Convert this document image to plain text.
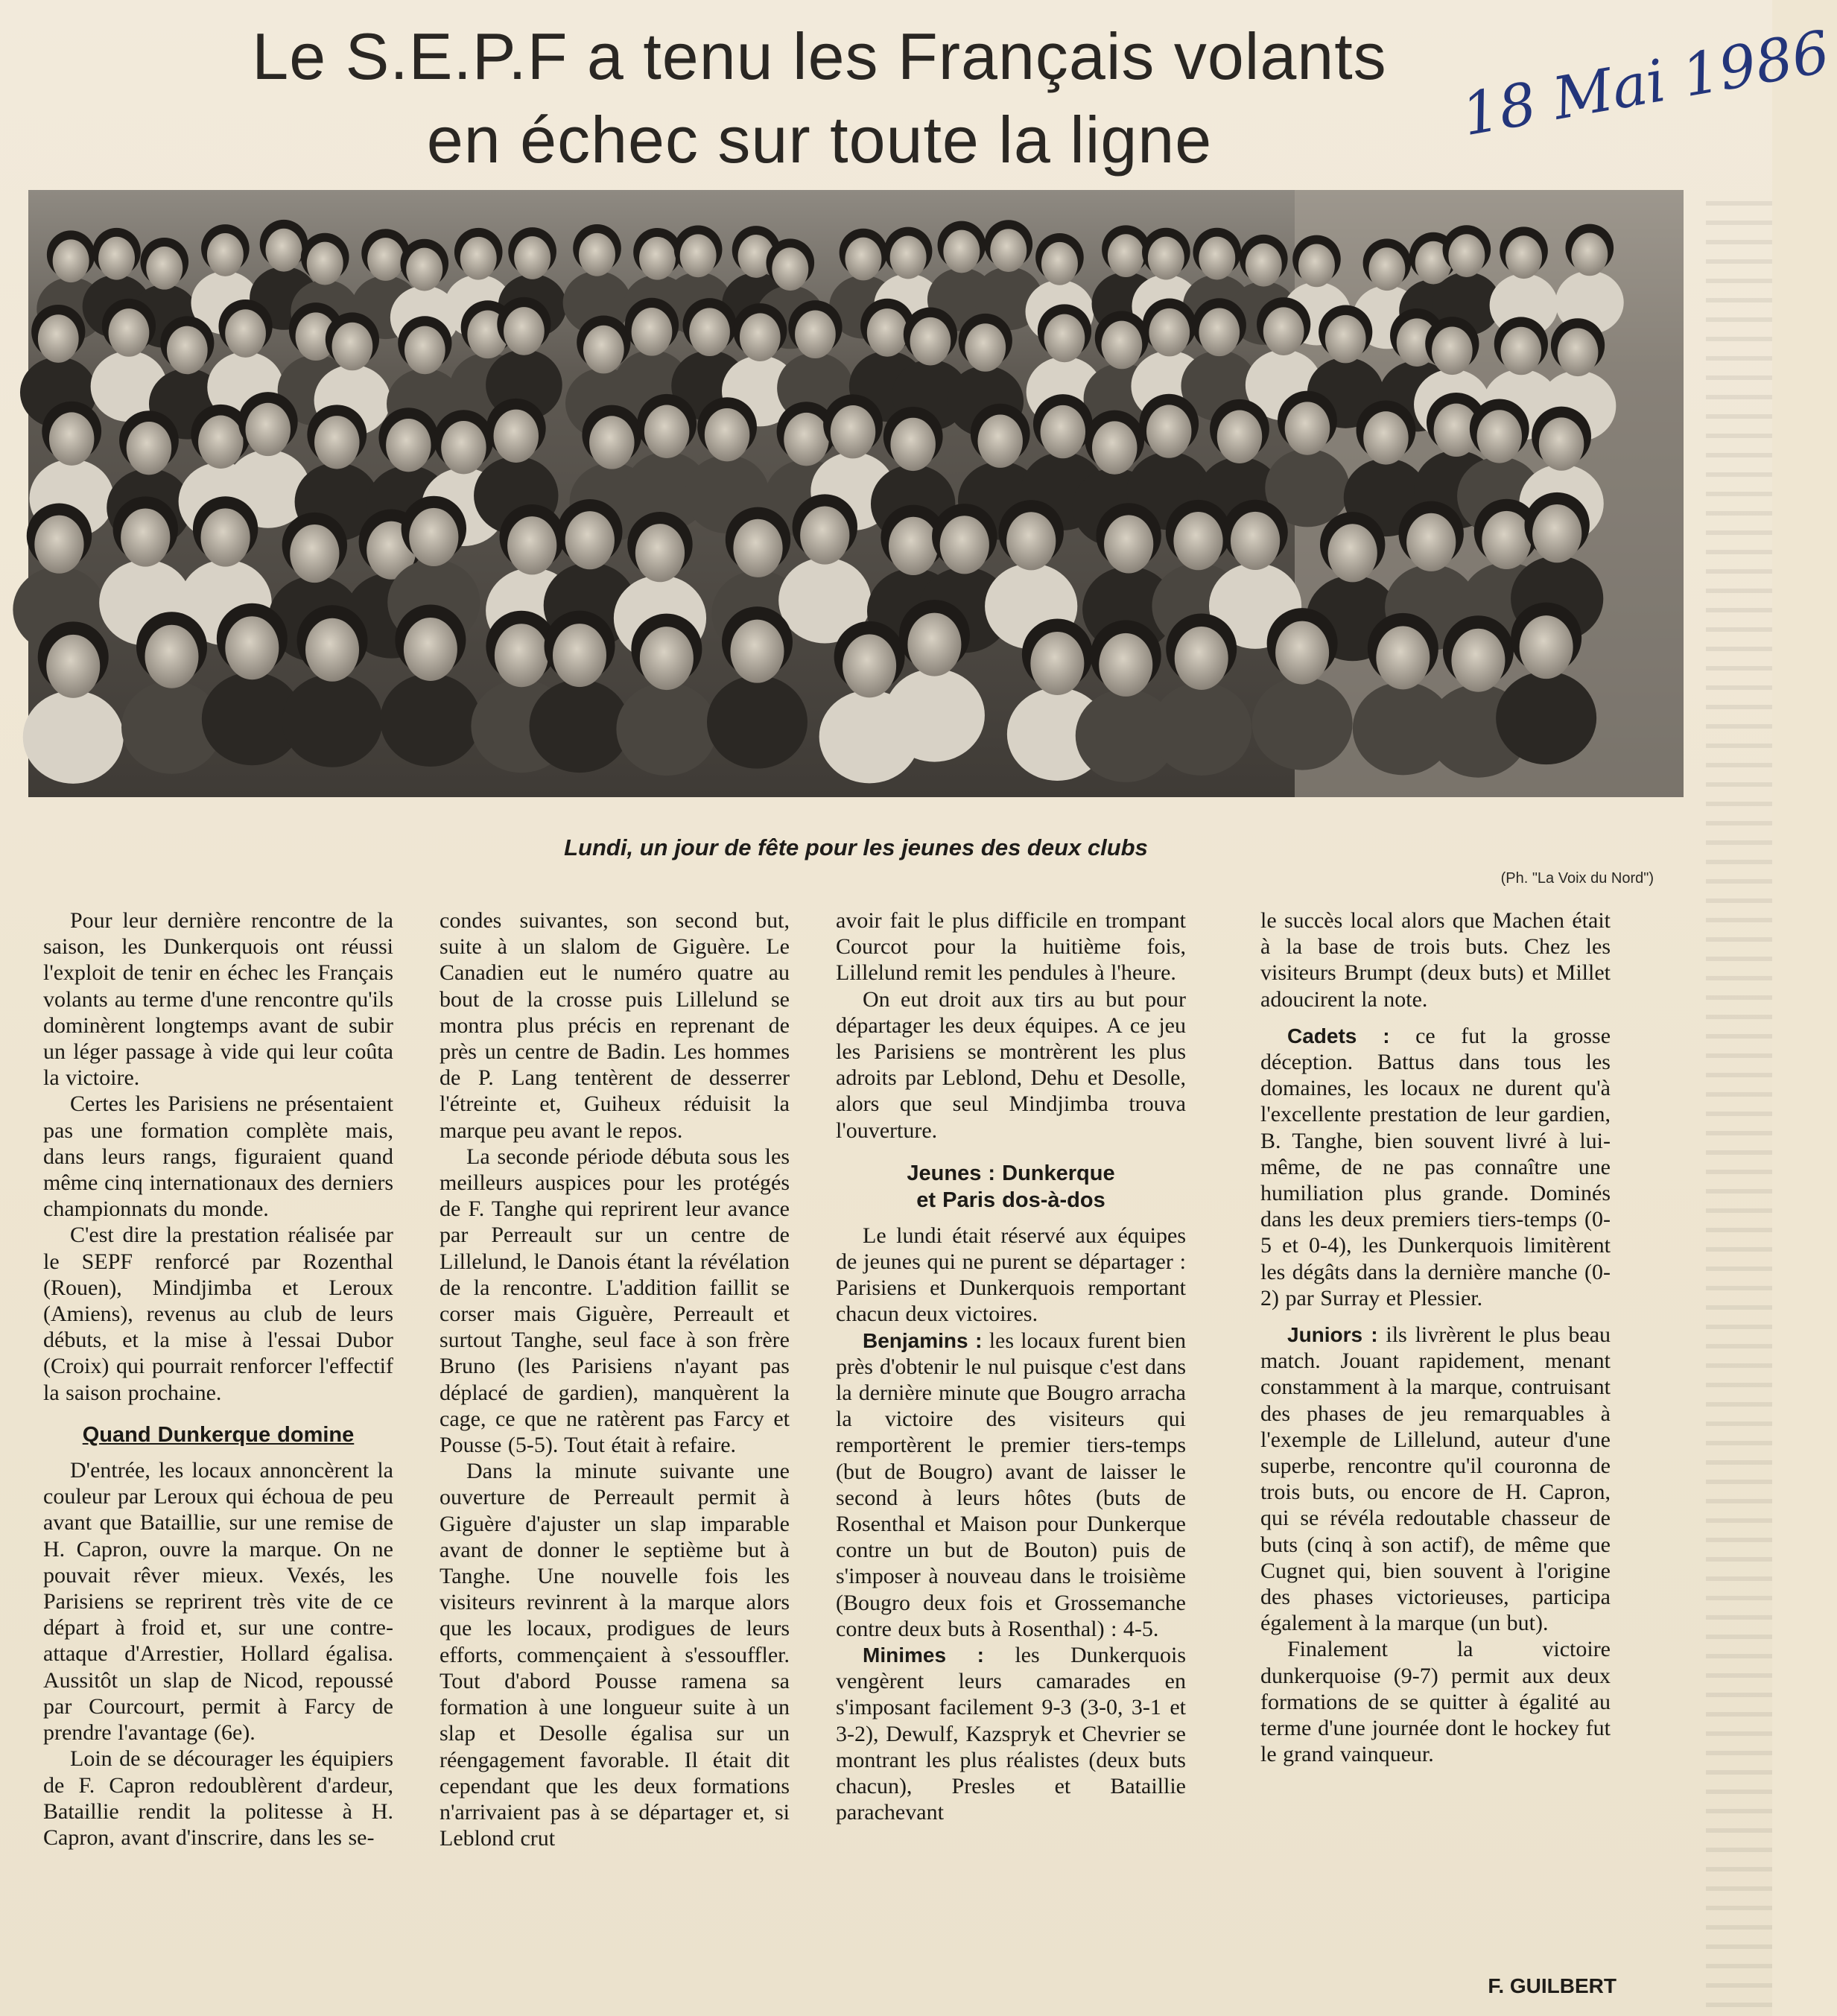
Le S.E.P.F a tenu les Français volants
en échec sur toute la ligne	18 Mai 1986
Lundi, un jour de fête pour les jeunes des deux clubs
(Ph. "La Voix du Nord")

Pour leur dernière rencontre de la saison, les Dunkerquois ont réussi l'exploit de tenir en échec les Français volants au terme d'une rencontre qu'ils dominèrent longtemps avant de subir un léger passage à vide qui leur coûta la victoire.

Certes les Parisiens ne présentaient pas une formation complète mais, dans leurs rangs, figuraient quand même cinq internationaux des derniers championnats du monde.

C'est dire la prestation réalisée par le SEPF renforcé par Rozenthal (Rouen), Mindjimba et Leroux (Amiens), revenus au club de leurs débuts, et la mise à l'essai Dubor (Croix) qui pourrait renforcer l'effectif la saison prochaine.

Quand Dunkerque domine

D'entrée, les locaux annoncèrent la couleur par Leroux qui échoua de peu avant que Bataillie, sur une remise de H. Capron, ouvre la marque. On ne pouvait rêver mieux. Vexés, les Parisiens se reprirent très vite de ce départ à froid et, sur une contre-attaque d'Arrestier, Hollard égalisa. Aussitôt un slap de Nicod, repoussé par Courcourt, permit à Farcy de prendre l'avantage (6e).

Loin de se décourager les équipiers de F. Capron redoublèrent d'ardeur, Bataillie rendit la politesse à H. Capron, avant d'inscrire, dans les se-

condes suivantes, son second but, suite à un slalom de Giguère. Le Canadien eut le numéro quatre au bout de la crosse puis Lillelund se montra plus précis en reprenant de près un centre de Badin. Les hommes de P. Lang tentèrent de desserrer l'étreinte et, Guiheux réduisit la marque peu avant le repos.

La seconde période débuta sous les meilleurs auspices pour les protégés de F. Tanghe qui reprirent leur avance par Perreault sur un centre de Lillelund, le Danois étant la révélation de la rencontre. L'addition faillit se corser mais Giguère, Perreault et surtout Tanghe, seul face à son frère Bruno (les Parisiens n'ayant pas déplacé de gardien), manquèrent la cage, ce que ne ratèrent pas Farcy et Pousse (5-5). Tout était à refaire.

Dans la minute suivante une ouverture de Perreault permit à Giguère d'ajuster un slap imparable avant de donner le septième but à Tanghe. Une nouvelle fois les visiteurs revinrent à la marque alors que les locaux, prodigues de leurs efforts, commençaient à s'essouffler. Tout d'abord Pousse ramena sa formation à une longueur suite à un slap et Desolle égalisa sur un réengagement favorable. Il était dit cependant que les deux formations n'arrivaient pas à se départager et, si Leblond crut

avoir fait le plus difficile en trompant Courcot pour la huitième fois, Lillelund remit les pendules à l'heure.

On eut droit aux tirs au but pour départager les deux équipes. A ce jeu les Parisiens se montrèrent les plus adroits par Leblond, Dehu et Desolle, alors que seul Mindjimba trouva l'ouverture.

Jeunes : Dunkerque
et Paris dos-à-dos

Le lundi était réservé aux équipes de jeunes qui ne purent se départager : Parisiens et Dunkerquois remportant chacun deux victoires.

Benjamins : les locaux furent bien près d'obtenir le nul puisque c'est dans la dernière minute que Bougro arracha la victoire des visiteurs qui remportèrent le premier tiers-temps (but de Bougro) avant de laisser le second à leurs hôtes (buts de Rosenthal et Maison pour Dunkerque contre un but de Bouton) puis de s'imposer à nouveau dans le troisième (Bougro deux fois et Grossemanche contre deux buts à Rosenthal) : 4-5.

Minimes : les Dunkerquois vengèrent leurs camarades en s'imposant facilement 9-3 (3-0, 3-1 et 3-2), Dewulf, Kazspryk et Chevrier se montrant les plus réalistes (deux buts chacun), Presles et Bataillie parachevant

le succès local alors que Machen était à la base de trois buts. Chez les visiteurs Brumpt (deux buts) et Millet adoucirent la note.

Cadets : ce fut la grosse déception. Battus dans tous les domaines, les locaux ne durent qu'à l'excellente prestation de leur gardien, B. Tanghe, bien souvent livré à lui-même, de ne pas connaître une humiliation plus grande. Dominés dans les deux premiers tiers-temps (0-5 et 0-4), les Dunkerquois limitèrent les dégâts dans la dernière manche (0-2) par Surray et Plessier.

Juniors : ils livrèrent le plus beau match. Jouant rapidement, menant constamment à la marque, contruisant des phases de jeu remarquables à l'exemple de Lillelund, auteur d'une superbe, rencontre qu'il couronna de trois buts, ou encore de H. Capron, qui se révéla redoutable chasseur de buts (cinq à son actif), de même que Cugnet qui, bien souvent à l'origine des phases victorieuses, participa également à la marque (un but).

Finalement la victoire dunkerquoise (9-7) permit aux deux formations de se quitter à égalité au terme d'une journée dont le hockey fut le grand vainqueur.

F. GUILBERT
